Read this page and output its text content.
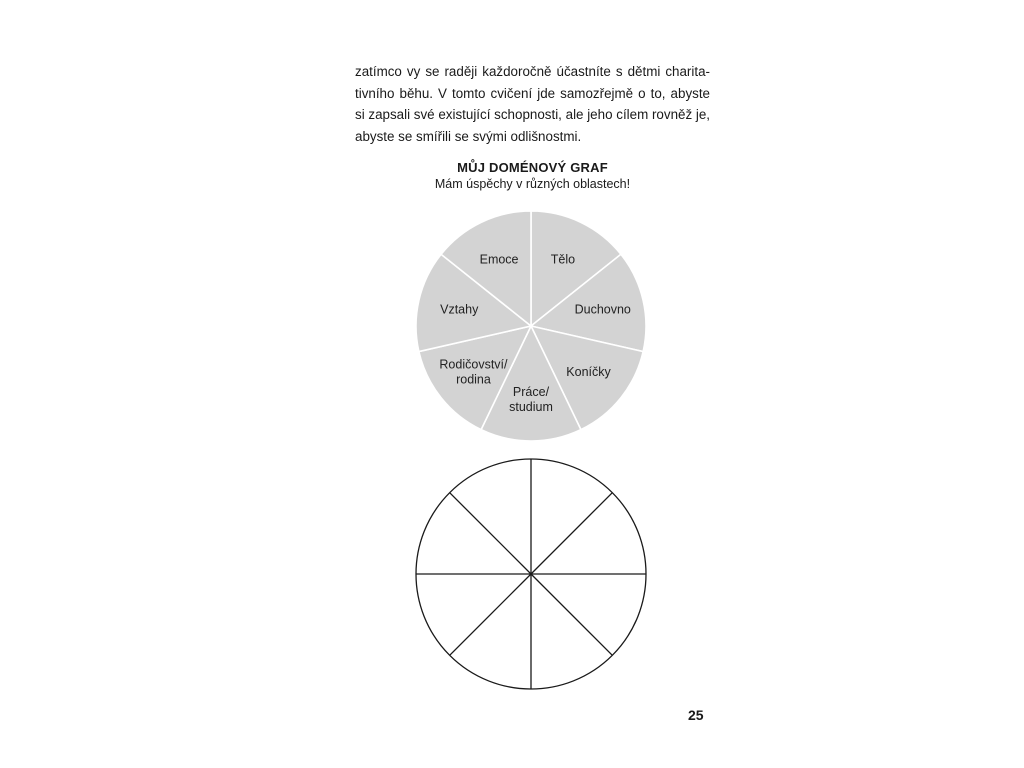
zatímco vy se raději každoročně účastníte s dětmi charita-
tivního běhu. V tomto cvičení jde samozřejmě o to, abyste
si zapsali své existující schopnosti, ale jeho cílem rovněž je,
abyste se smířili se svými odlišnostmi.
MŮJ DOMÉNOVÝ GRAF
Mám úspěchy v různých oblastech!
Tělo
Duchovno
Koníčky
Práce/ studium
Rodičovství/ rodina
Vztahy
Emoce
25
